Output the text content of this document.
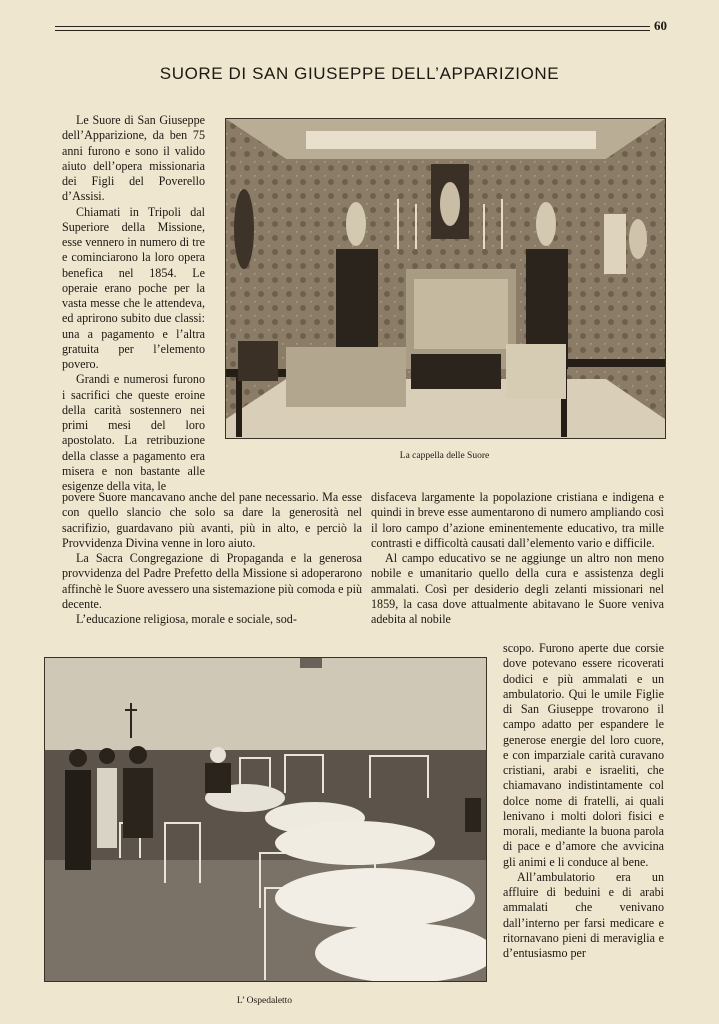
60
SUORE DI SAN GIUSEPPE DELL’APPARIZIONE

Le Suore di San Giuseppe dell’Apparizione, da ben 75 anni furono e sono il valido aiuto dell’opera missionaria dei Figli del Poverello d’Assisi.

Chiamati in Tripoli dal Superiore della Missione, esse vennero in numero di tre e cominciarono la loro opera benefica nel 1854. Le operaie erano poche per la vasta messe che le attendeva, ed aprirono subito due classi: una a pagamento e l’altra gratuita per l’elemento povero.

Grandi e numerosi furono i sacrifici che queste eroine della carità sostennero nei primi mesi del loro apostolato. La retribuzione della classe a pagamento era misera e non bastante alle esigenze della vita, le

La cappella delle Suore

povere Suore mancavano anche del pane necessario. Ma esse con quello slancio che solo sa dare la generosità nel sacrifizio, guardavano più avanti, più in alto, e perciò la Provvidenza Divina venne in loro aiuto.

La Sacra Congregazione di Propaganda e la generosa provvidenza del Padre Prefetto della Missione si adoperarono affinchè le Suore avessero una sistemazione più comoda e più decente.

L’educazione religiosa, morale e sociale, sod-

disfaceva largamente la popolazione cristiana e indigena e quindi in breve esse aumentarono di numero ampliando così il loro campo d’azione eminentemente educativo, tra mille contrasti e difficoltà causati dall’elemento vario e difficile.

Al campo educativo se ne aggiunge un altro non meno nobile e umanitario quello della cura e assistenza degli ammalati. Così per desiderio degli zelanti missionari nel 1859, la casa dove attualmente abitavano le Suore veniva adebita al nobile

L’ Ospedaletto

scopo. Furono aperte due corsie dove potevano essere ricoverati dodici e più ammalati e un ambulatorio. Qui le umile Figlie di San Giuseppe trovarono il campo adatto per espandere le generose energie del loro cuore, e con imparziale carità curavano cristiani, arabi e israeliti, che chiamavano indistintamente col dolce nome di fratelli, ai quali lenivano i molti dolori fisici e morali, mediante la buona parola di pace e d’amore che avvicina gli animi e li conduce al bene.

All’ambulatorio era un affluire di beduini e di arabi ammalati che venivano dall’interno per farsi medicare e ritornavano pieni di meraviglia e d’entusiasmo per
